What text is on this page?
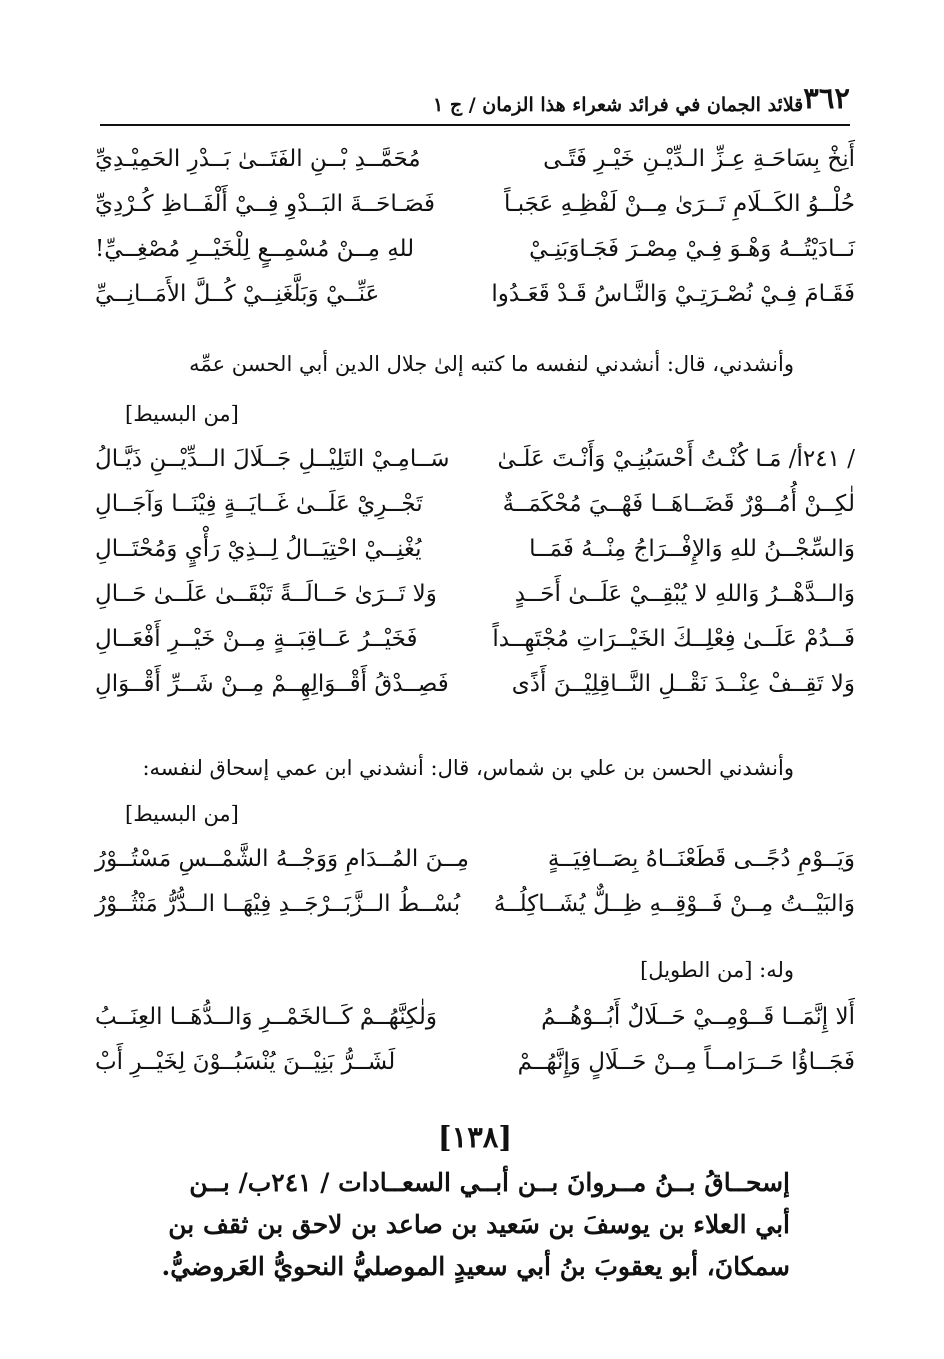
٣٦٢
قلائد الجمان في فرائد شعراء هذا الزمان / ج ١
أَنِخْ بِسَاحَـةِ عِـزِّ الـدِّيْـنِ خَيْـرِ فَتًـى
مُحَمَّــدِ بْــنِ الفَتَــىٰ بَــدْرِ الحَمِيْـدِيِّ
حُلْــوُ الكَــلَامِ تَــرَىٰ مِــنْ لَفْظِـهِ عَجَبـاً
فَصَـاحَــةَ البَــدْوِ فِــيْ أَلْفَــاظِ كُـرْدِيِّ
نَــادَيْتُــهُ وَهْـوَ فِـيْ مِصْـرَ فَجَـاوَبَنِـيْ
للهِ مِــنْ مُسْمِــعٍ لِلْخَيْــرِ مُصْغِــيِّ!
فَقَـامَ فِـيْ نُصْـرَتِـيْ وَالنَّـاسُ قَـدْ قَعَـدُوا
عَنِّــيْ وَبَلَّغَنِــيْ كُــلَّ الأَمَــانِــيِّ
وأنشدني، قال: أنشدني لنفسه ما كتبه إلىٰ جلال الدين أبي الحسن عمِّه
[من البسيط]
/ ٢٤١أ/ مَـا كُنْـتُ أَحْسَبُنِـيْ وَأَنْـتَ عَلَـىٰ
سَــامِـيْ التَلِيْــلِ جَــلَالَ الــدِّيْــنِ ذَيَّـالُ
لٰكِــنْ أُمُــوْرٌ قَضَــاهَــا فَهْــيَ مُحْكَمَــةٌ
تَجْــرِيْ عَلَــىٰ غَــايَــةٍ فِيْنَــا وَآجَــالِ
وَالسِّجْــنُ للهِ وَالإِفْــرَاجُ مِنْــهُ فَمَــا
يُغْنِــيْ احْتِيَــالُ لِــذِيْ رَأْيٍ وَمُحْتَــالِ
وَالــدَّهْــرُ وَاللهِ لا يُبْقِــيْ عَلَــىٰ أَحَــدٍ
وَلا تَــرَىٰ حَــالَــةً تَبْقَــىٰ عَلَــىٰ حَــالِ
فَــدُمْ عَلَــىٰ فِعْلِــكَ الخَيْــرَاتِ مُجْتَهِــداً
فَخَيْــرُ عَــاقِبَــةٍ مِــنْ خَيْــرِ أَفْعَــالِ
وَلا تَقِــفْ عِنْــدَ نَقْــلِ النَّــاقِلِيْــنَ أَذًى
فَصِــدْقُ أَقْــوَالِهِــمْ مِــنْ شَــرِّ أَقْــوَالِ
وأنشدني الحسن بن علي بن شماس، قال: أنشدني ابن عمي إسحاق لنفسه:
[من البسيط]
وَيَــوْمِ دُجًــى قَطَعْنَــاهُ بِصَــافِيَــةٍ
مِــنَ المُــدَامِ وَوَجْــهُ الشَّمْــسِ مَسْتُــوْرُ
وَالبَيْــتُ مِــنْ فَــوْقِــهِ ظِــلٌّ يُشَــاكِلُــهُ
بُسْــطُ الــزَّبَــرْجَــدِ فِيْهَــا الــدُّرُّ مَنْثُــوْرُ
وله: [من الطويل]
أَلا إِنَّمَــا قَــوْمِــيْ حَــلَالٌ أَبُــوْهُــمُ
وَلٰكِنَّهُــمْ كَــالخَمْــرِ وَالــدُّهَــا العِنَــبُ
فَجَــاؤُا حَــرَامــاً مِــنْ حَــلَالٍ وَإِنَّهُــمْ
لَشَــرُّ بَنِيْــنَ يُنْسَبُــوْنَ لِخَيْــرِ أَبْ
[١٣٨]
إسحــاقُ بــنُ مــروانَ بــن أبــي السعــادات / ٢٤١ب/ بــن
أبي العلاء بن يوسفَ بن سَعيد بن صاعد بن لاحق بن ثقف بن
سمكانَ، أبو يعقوبَ بنُ أبي سعيدٍ الموصليُّ النحويُّ العَروضيُّ.
